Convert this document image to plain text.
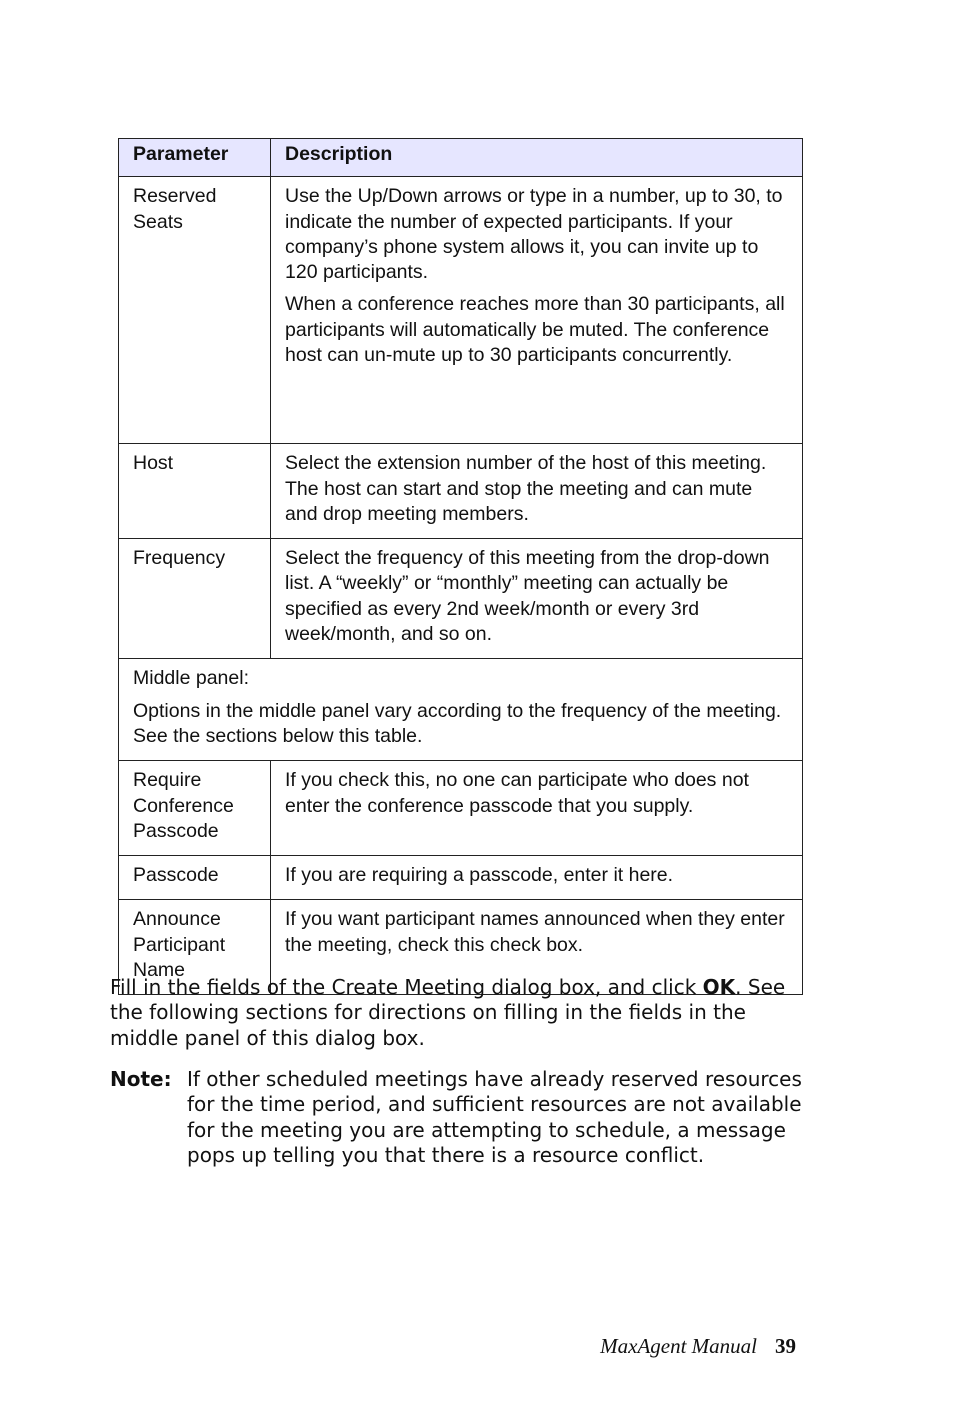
Parameter	Description
Reserved Seats	Use the Up/Down arrows or type in a number, up to 30, to indicate the number of expected participants. If your company’s phone system allows it, you can invite up to 120 participants.

When a conference reaches more than 30 participants, all participants will automatically be muted. The conference host can un-mute up to 30 participants concurrently.

Host	Select the extension number of the host of this meeting. The host can start and stop the meeting and can mute and drop meeting members.

Frequency	Select the frequency of this meeting from the drop-down list. A “weekly” or “monthly” meeting can actually be specified as every 2nd week/month or every 3rd week/month, and so on.

Middle panel:

Options in the middle panel vary according to the frequency of the meeting. See the sections below this table.	

Require Conference Passcode	If you check this, no one can participate who does not enter the conference passcode that you supply.

Passcode	If you are requiring a passcode, enter it here.

Announce Participant Name	If you want participant names announced when they enter the meeting, check this check box.

Fill in the fields of the Create Meeting dialog box, and click OK. See the following sections for directions on filling in the fields in the middle panel of this dialog box.
Note: If other scheduled meetings have already reserved resources for the time period, and sufficient resources are not available for the meeting you are attempting to schedule, a message pops up telling you that there is a resource conflict.
MaxAgent Manual 39
